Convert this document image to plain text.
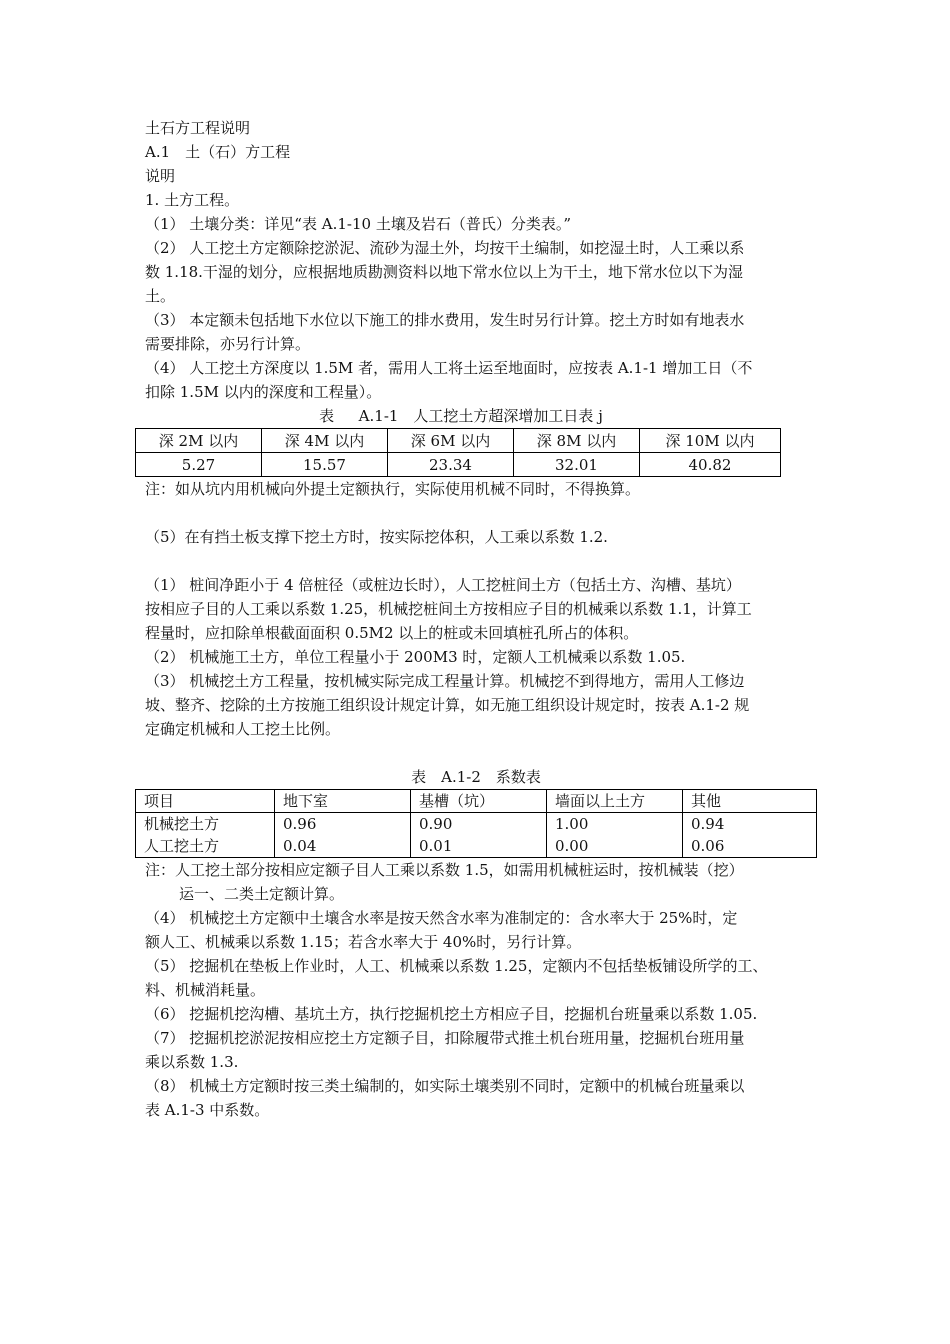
土石方工程说明
A.1　土（石）方工程
说明
1. 土方工程。
（1） 土壤分类：详见“表 A.1-10 土壤及岩石（普氏）分类表。”
（2） 人工挖土方定额除挖淤泥、流砂为湿土外，均按干土编制，如挖湿土时，人工乘以系
数 1.18.干湿的划分，应根据地质勘测资料以地下常水位以上为干土，地下常水位以下为湿
土。
（3） 本定额未包括地下水位以下施工的排水费用，发生时另行计算。挖土方时如有地表水
需要排除，亦另行计算。
（4） 人工挖土方深度以 1.5M 者，需用人工将土运至地面时，应按表 A.1-1 增加工日（不
扣除 1.5M 以内的深度和工程量）。
表　  A.1-1　人工挖土方超深增加工日表 j
深 2M 以内	深 4M 以内	深 6M 以内	深 8M 以内	深 10M 以内
5.27	15.57	23.34	32.01	40.82
注：如从坑内用机械向外提土定额执行，实际使用机械不同时，不得换算。
（5）在有挡土板支撑下挖土方时，按实际挖体积，人工乘以系数 1.2.
（1） 桩间净距小于 4 倍桩径（或桩边长时），人工挖桩间土方（包括土方、沟槽、基坑）
按相应子目的人工乘以系数 1.25，机械挖桩间土方按相应子目的机械乘以系数 1.1，计算工
程量时，应扣除单根截面面积 0.5M2 以上的桩或未回填桩孔所占的体积。
（2） 机械施工土方，单位工程量小于 200M3 时，定额人工机械乘以系数 1.05.
（3） 机械挖土方工程量，按机械实际完成工程量计算。机械挖不到得地方，需用人工修边
坡、整齐、挖除的土方按施工组织设计规定计算，如无施工组织设计规定时，按表 A.1-2 规
定确定机械和人工挖土比例。
表　A.1-2　系数表
项目	地下室	基槽（坑）	墙面以上土方	其他
机械挖土方	0.96	0.90	1.00	0.94
人工挖土方	0.04	0.01	0.00	0.06
注：人工挖土部分按相应定额子目人工乘以系数 1.5，如需用机械桩运时，按机械装（挖）
运一、二类土定额计算。
（4） 机械挖土方定额中土壤含水率是按天然含水率为准制定的：含水率大于 25%时，定
额人工、机械乘以系数 1.15；若含水率大于 40%时，另行计算。
（5） 挖掘机在垫板上作业时，人工、机械乘以系数 1.25，定额内不包括垫板铺设所学的工、
料、机械消耗量。
（6） 挖掘机挖沟槽、基坑土方，执行挖掘机挖土方相应子目，挖掘机台班量乘以系数 1.05.
（7） 挖掘机挖淤泥按相应挖土方定额子目，扣除履带式推土机台班用量，挖掘机台班用量
乘以系数 1.3.
（8） 机械土方定额时按三类土编制的，如实际土壤类别不同时，定额中的机械台班量乘以
表 A.1-3 中系数。
